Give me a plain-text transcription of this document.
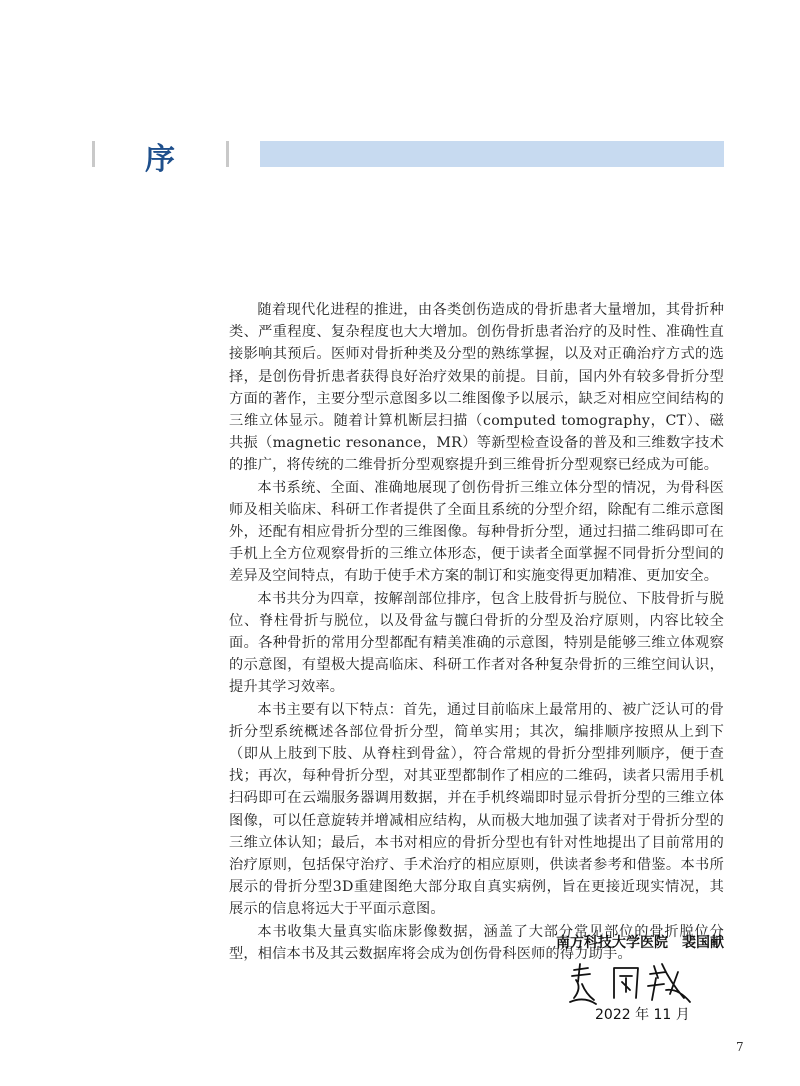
序

随着现代化进程的推进，由各类创伤造成的骨折患者大量增加，其骨折种类、严重程度、复杂程度也大大增加。创伤骨折患者治疗的及时性、准确性直接影响其预后。医师对骨折种类及分型的熟练掌握，以及对正确治疗方式的选择，是创伤骨折患者获得良好治疗效果的前提。目前，国内外有较多骨折分型方面的著作，主要分型示意图多以二维图像予以展示，缺乏对相应空间结构的三维立体显示。随着计算机断层扫描（computed tomography，CT）、磁共振（magnetic resonance，MR）等新型检查设备的普及和三维数字技术的推广，将传统的二维骨折分型观察提升到三维骨折分型观察已经成为可能。

本书系统、全面、准确地展现了创伤骨折三维立体分型的情况，为骨科医师及相关临床、科研工作者提供了全面且系统的分型介绍，除配有二维示意图外，还配有相应骨折分型的三维图像。每种骨折分型，通过扫描二维码即可在手机上全方位观察骨折的三维立体形态，便于读者全面掌握不同骨折分型间的差异及空间特点，有助于使手术方案的制订和实施变得更加精准、更加安全。

本书共分为四章，按解剖部位排序，包含上肢骨折与脱位、下肢骨折与脱位、脊柱骨折与脱位，以及骨盆与髋臼骨折的分型及治疗原则，内容比较全面。各种骨折的常用分型都配有精美准确的示意图，特别是能够三维立体观察的示意图，有望极大提高临床、科研工作者对各种复杂骨折的三维空间认识，提升其学习效率。

本书主要有以下特点：首先，通过目前临床上最常用的、被广泛认可的骨折分型系统概述各部位骨折分型，简单实用；其次，编排顺序按照从上到下（即从上肢到下肢、从脊柱到骨盆），符合常规的骨折分型排列顺序，便于查找；再次，每种骨折分型，对其亚型都制作了相应的二维码，读者只需用手机扫码即可在云端服务器调用数据，并在手机终端即时显示骨折分型的三维立体图像，可以任意旋转并增减相应结构，从而极大地加强了读者对于骨折分型的三维立体认知；最后，本书对相应的骨折分型也有针对性地提出了目前常用的治疗原则，包括保守治疗、手术治疗的相应原则，供读者参考和借鉴。本书所展示的骨折分型3D重建图绝大部分取自真实病例，旨在更接近现实情况，其展示的信息将远大于平面示意图。

本书收集大量真实临床影像数据，涵盖了大部分常见部位的骨折脱位分型，相信本书及其云数据库将会成为创伤骨科医师的得力助手。

南方科技大学医院 裴国献
2022 年 11 月
7
